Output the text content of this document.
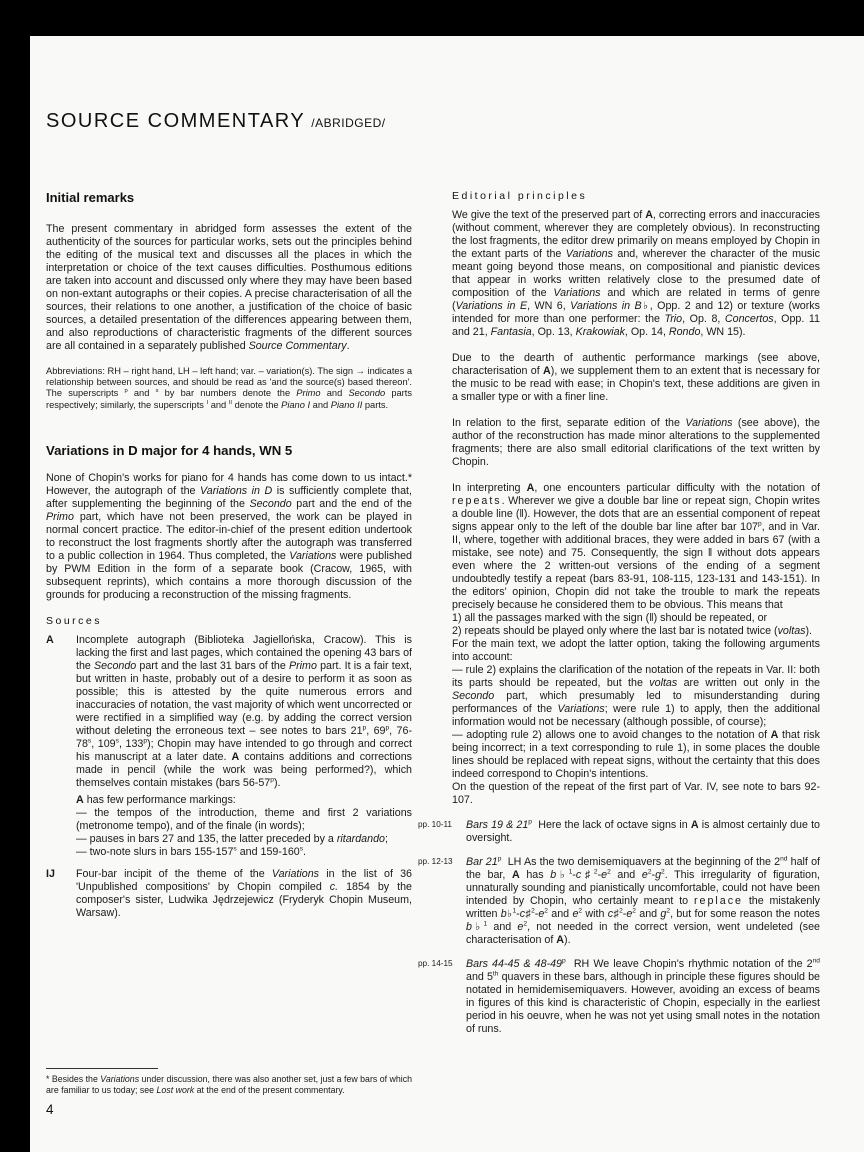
SOURCE COMMENTARY /ABRIDGED/
Initial remarks

The present commentary in abridged form assesses the extent of the authenticity of the sources for particular works, sets out the principles behind the editing of the musical text and discusses all the places in which the interpretation or choice of the text causes difficulties. Posthumous editions are taken into account and discussed only where they may have been based on non-extant autographs or their copies. A precise characterisation of all the sources, their relations to one another, a justification of the choice of basic sources, a detailed presentation of the differences appearing between them, and also reproductions of characteristic fragments of the different sources are all contained in a separately published Source Commentary.

Abbreviations: RH – right hand, LH – left hand; var. – variation(s). The sign → indicates a relationship between sources, and should be read as 'and the source(s) based thereon'. The superscripts $^p$ and $^s$ by bar numbers denote the Primo and Secondo parts respectively; similarly, the superscripts $^I$ and $^{II}$ denote the Piano I and Piano II parts.

Variations in D major for 4 hands, WN 5

None of Chopin's works for piano for 4 hands has come down to us intact.* However, the autograph of the Variations in D is sufficiently complete that, after supplementing the beginning of the Secondo part and the end of the Primo part, which have not been preserved, the work can be played in normal concert practice. The editor-in-chief of the present edition undertook to reconstruct the lost fragments shortly after the autograph was transferred to a public collection in 1964. Thus completed, the Variations were published by PWM Edition in the form of a separate book (Cracow, 1965, with subsequent reprints), which contains a more thorough discussion of the grounds for producing a reconstruction of the missing fragments.

Sources
A Incomplete autograph (Biblioteka Jagiellońska, Cracow). This is lacking the first and last pages, which contained the opening 43 bars of the Secondo part and the last 31 bars of the Primo part. It is a fair text, but written in haste, probably out of a desire to perform it as soon as possible; this is attested by the quite numerous errors and inaccuracies of notation, the vast majority of which went uncorrected or were rectified in a simplified way (e.g. by adding the correct version without deleting the erroneous text – see notes to bars 21$^p$, 69$^p$, 76-78$^s$, 109$^s$, 133$^p$); Chopin may have intended to go through and correct his manuscript at a later date. A contains additions and corrections made in pencil (while the work was being performed?), which themselves contain mistakes (bars 56-57$^p$).

A has few performance markings:

— the tempos of the introduction, theme and first 2 variations (metronome tempo), and of the finale (in words);

— pauses in bars 27 and 135, the latter preceded by a ritardando;

— two-note slurs in bars 155-157$^s$ and 159-160$^s$.

IJ Four-bar incipit of the theme of the Variations in the list of 36 'Unpublished compositions' by Chopin compiled c. 1854 by the composer's sister, Ludwika Jędrzejewicz (Fryderyk Chopin Museum, Warsaw).

Editorial principles

We give the text of the preserved part of A, correcting errors and inaccuracies (without comment, wherever they are completely obvious). In reconstructing the lost fragments, the editor drew primarily on means employed by Chopin in the extant parts of the Variations and, wherever the character of the music meant going beyond those means, on compositional and pianistic devices that appear in works written relatively close to the presumed date of composition of the Variations and which are related in terms of genre (Variations in E, WN 6, Variations in B♭, Opp. 2 and 12) or texture (works intended for more than one performer: the Trio, Op. 8, Concertos, Opp. 11 and 21, Fantasia, Op. 13, Krakowiak, Op. 14, Rondo, WN 15).

Due to the dearth of authentic performance markings (see above, characterisation of A), we supplement them to an extent that is necessary for the music to be read with ease; in Chopin's text, these additions are given in a smaller type or with a finer line.

In relation to the first, separate edition of the Variations (see above), the author of the reconstruction has made minor alterations to the supplemented fragments; there are also small editorial clarifications of the text written by Chopin.

In interpreting A, one encounters particular difficulty with the notation of repeats. Wherever we give a double bar line or repeat sign, Chopin writes a double line (‖). However, the dots that are an essential component of repeat signs appear only to the left of the double bar line after bar 107$^p$, and in Var. II, where, together with additional braces, they were added in bars 67 (with a mistake, see note) and 75. Consequently, the sign ‖ without dots appears even where the 2 written-out versions of the ending of a segment undoubtedly testify a repeat (bars 83-91, 108-115, 123-131 and 143-151). In the editors' opinion, Chopin did not take the trouble to mark the repeats precisely because he considered them to be obvious. This means that

1) all the passages marked with the sign (‖) should be repeated, or

2) repeats should be played only where the last bar is notated twice (voltas).

For the main text, we adopt the latter option, taking the following arguments into account:

— rule 2) explains the clarification of the notation of the repeats in Var. II: both its parts should be repeated, but the voltas are written out only in the Secondo part, which presumably led to misunderstanding during performances of the Variations; were rule 1) to apply, then the additional information would not be necessary (although possible, of course);

— adopting rule 2) allows one to avoid changes to the notation of A that risk being incorrect; in a text corresponding to rule 1), in some places the double lines should be replaced with repeat signs, without the certainty that this does indeed correspond to Chopin's intentions.

On the question of the repeat of the first part of Var. IV, see note to bars 92-107.

pp. 10-11	Bars 19 & 21$^p$  Here the lack of octave signs in A is almost certainly due to oversight.
pp. 12-13	Bar 21$^p$  LH As the two demisemiquavers at the beginning of the 2nd half of the bar, A has $b♭^1-c♯^2-e^2$ and $e^2-g^2$. This irregularity of figuration, unnaturally sounding and pianistically uncomfortable, could not have been intended by Chopin, who certainly meant to replace the mistakenly written $b♭^1-c♯^2-e^2$ and $e^2$ with $c♯^2-e^2$ and $g^2$, but for some reason the notes b♭$^1$ and $e^2$, not needed in the correct version, went undeleted (see characterisation of A).
pp. 14-15	Bars 44-45 & 48-49$^p$  RH We leave Chopin's rhythmic notation of the 2nd and 5th quavers in these bars, although in principle these figures should be notated in hemidemisemiquavers. However, avoiding an excess of beams in figures of this kind is characteristic of Chopin, especially in the earliest period in his oeuvre, when he was not yet using small notes in the notation of runs.

* Besides the Variations under discussion, there was also another set, just a few bars of which are familiar to us today; see Lost work at the end of the present commentary.

4
